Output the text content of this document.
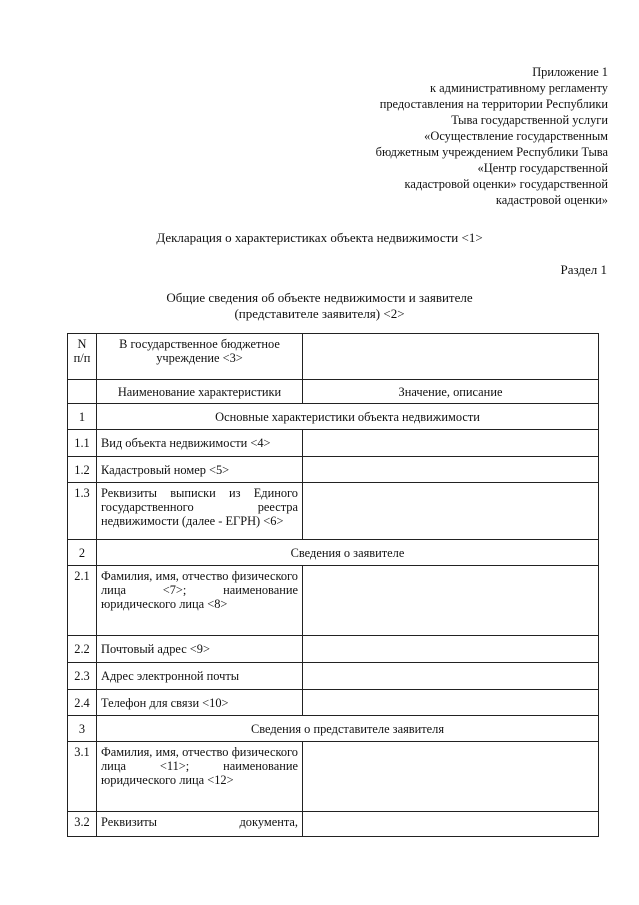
Приложение 1
к административному регламенту
предоставления на территории Республики
Тыва государственной услуги
«Осуществление государственным
бюджетным учреждением Республики Тыва
«Центр государственной
кадастровой оценки» государственной
кадастровой оценки»
Декларация о характеристиках объекта недвижимости <1>
Раздел 1
Общие сведения об объекте недвижимости и заявителе
(представителе заявителя) <2>
N п/п	В государственное бюджетное учреждение <3>	
	Наименование характеристики	Значение, описание
1	Основные характеристики объекта недвижимости	
1.1	Вид объекта недвижимости <4>	
1.2	Кадастровый номер <5>	
1.3	Реквизиты выписки из Единого государственного реестра недвижимости (далее - ЕГРН) <6>	
2	Сведения о заявителе	
2.1	Фамилия, имя, отчество физического лица <7>; наименование юридического лица <8>	
2.2	Почтовый адрес <9>	
2.3	Адрес электронной почты	
2.4	Телефон для связи <10>	
3	Сведения о представителе заявителя	
3.1	Фамилия, имя, отчество физического лица <11>; наименование юридического лица <12>	
3.2	Реквизиты документа,	
